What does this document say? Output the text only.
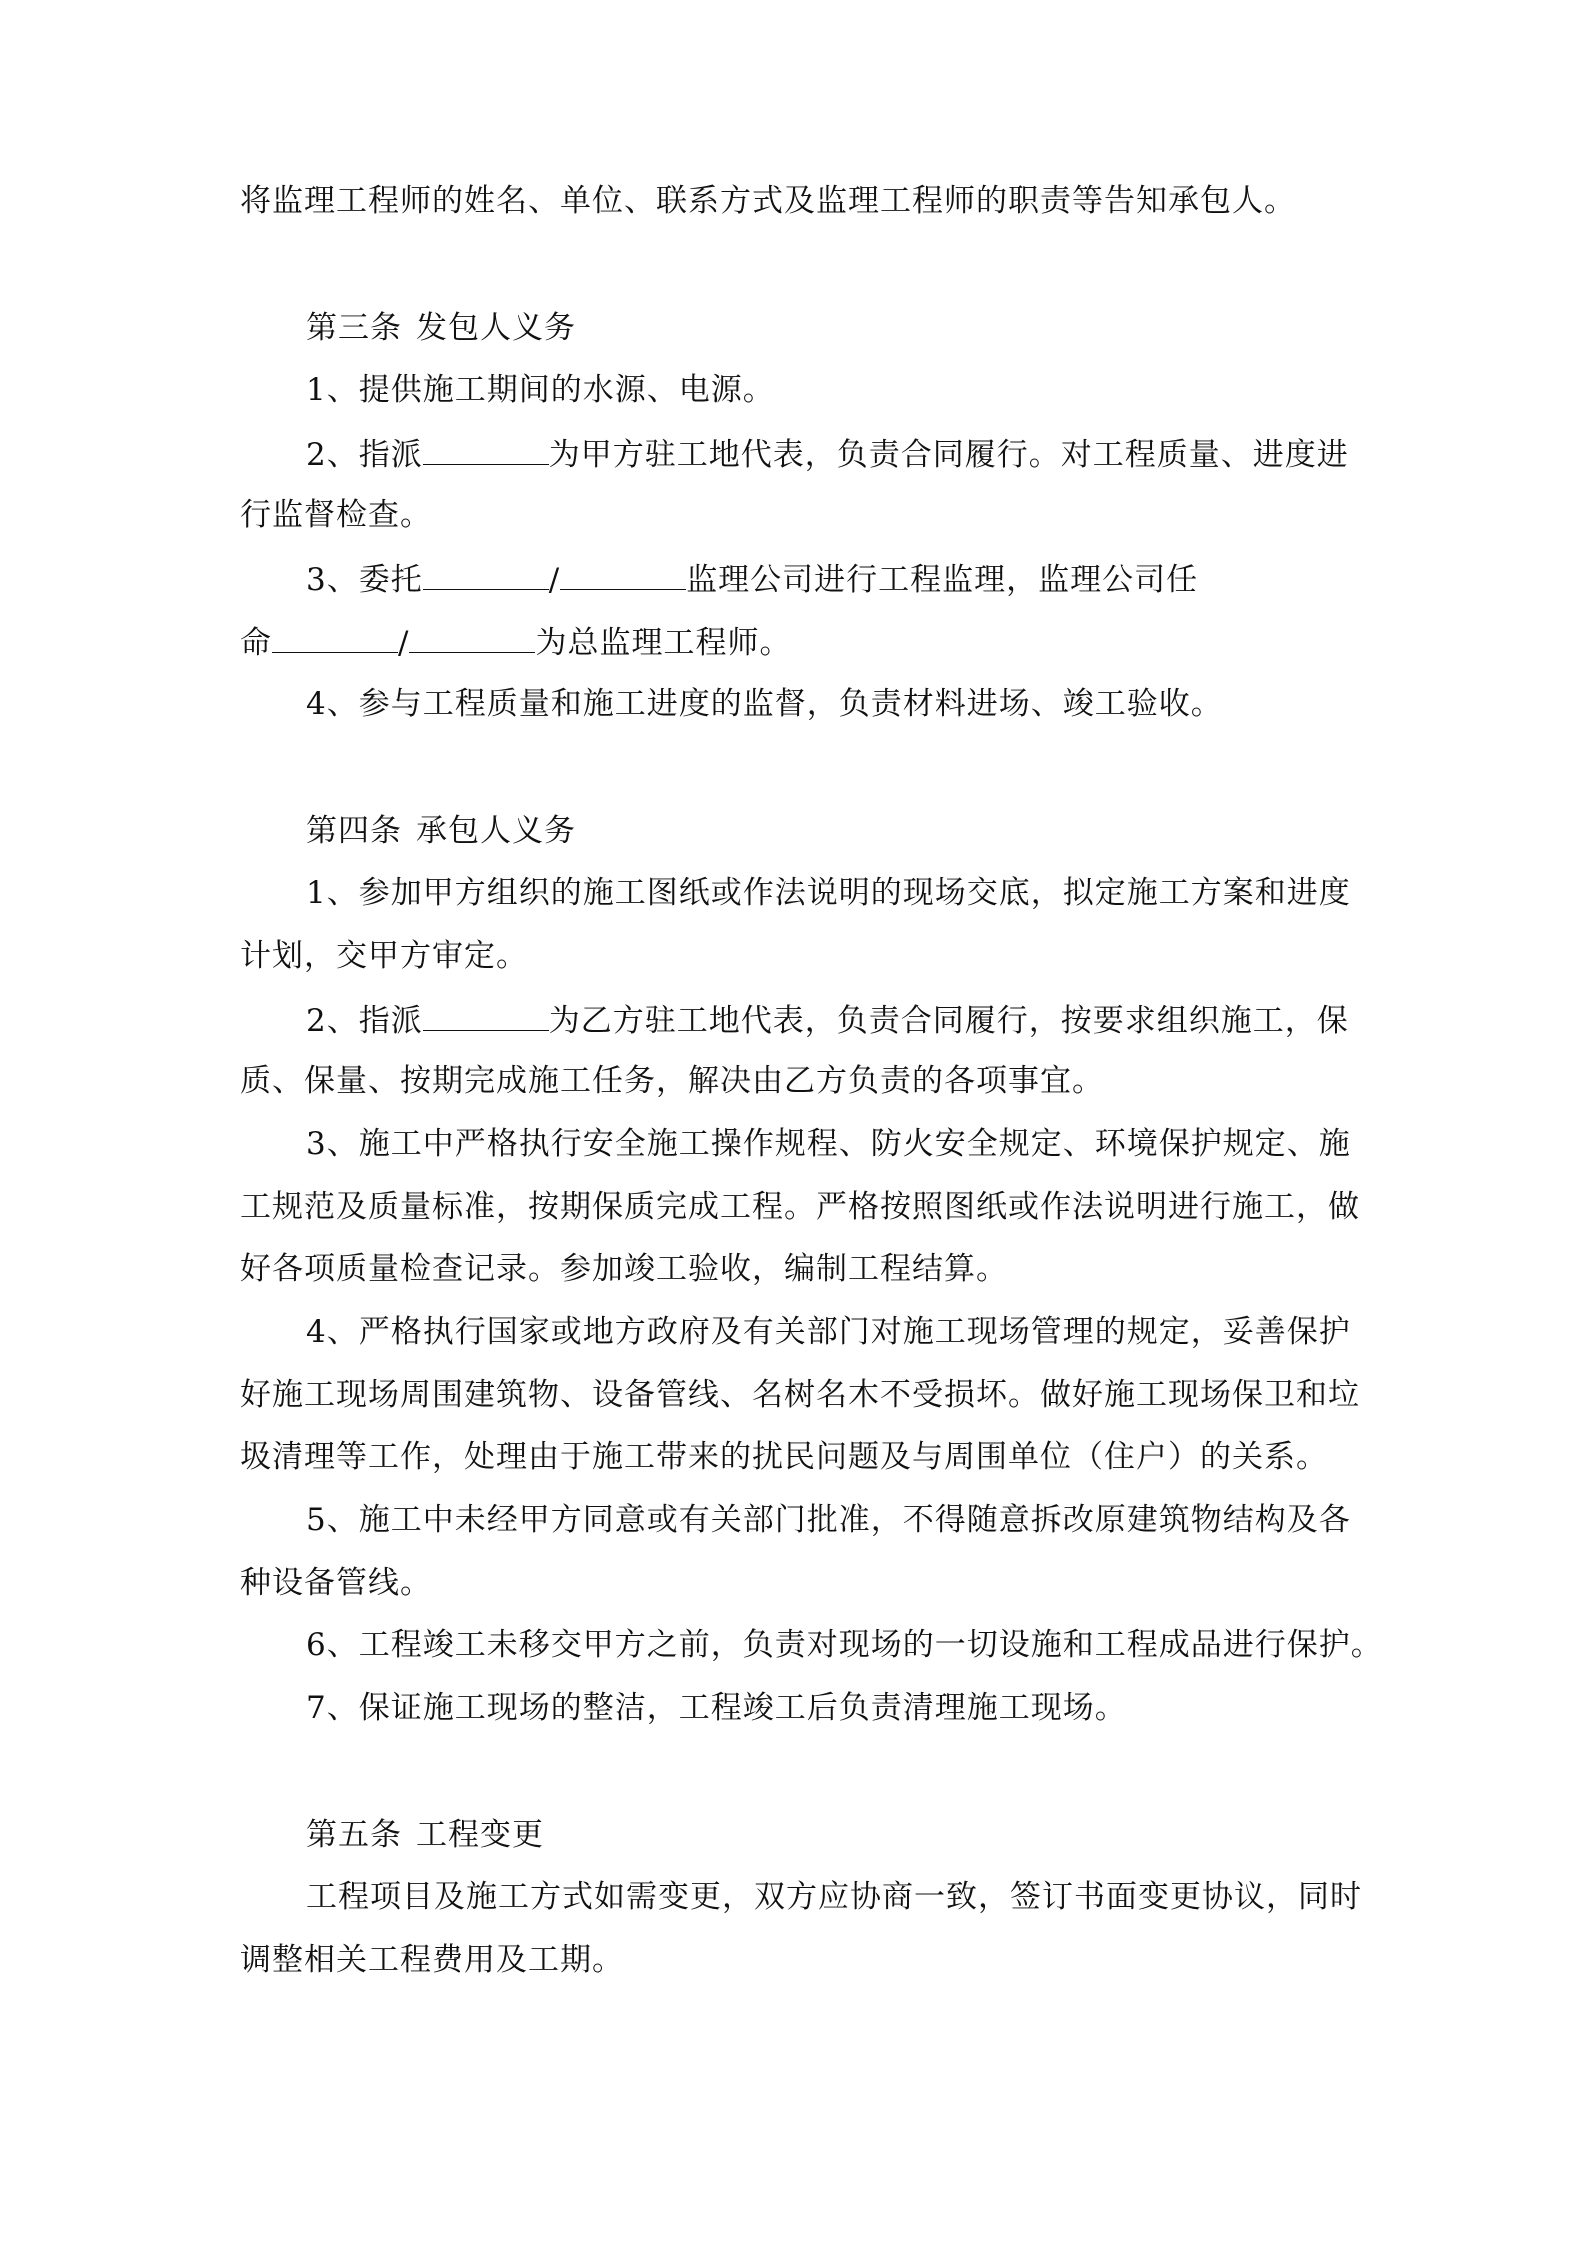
将监理工程师的姓名、单位、联系方式及监理工程师的职责等告知承包人。
第三条 发包人义务
1、提供施工期间的水源、电源。
2、指派	为甲方驻工地代表，负责合同履行。对工程质量、进度进
行监督检查。
3、委托	/	监理公司进行工程监理，监理公司任
命	/	为总监理工程师。
4、参与工程质量和施工进度的监督，负责材料进场、竣工验收。
第四条 承包人义务
1、参加甲方组织的施工图纸或作法说明的现场交底，拟定施工方案和进度
计划，交甲方审定。
2、指派	为乙方驻工地代表，负责合同履行，按要求组织施工，保
质、保量、按期完成施工任务，解决由乙方负责的各项事宜。
3、施工中严格执行安全施工操作规程、防火安全规定、环境保护规定、施
工规范及质量标准，按期保质完成工程。严格按照图纸或作法说明进行施工，做
好各项质量检查记录。参加竣工验收，编制工程结算。
4、严格执行国家或地方政府及有关部门对施工现场管理的规定，妥善保护
好施工现场周围建筑物、设备管线、名树名木不受损坏。做好施工现场保卫和垃
圾清理等工作，处理由于施工带来的扰民问题及与周围单位（住户）的关系。
5、施工中未经甲方同意或有关部门批准，不得随意拆改原建筑物结构及各
种设备管线。
6、工程竣工未移交甲方之前，负责对现场的一切设施和工程成品进行保护。
7、保证施工现场的整洁，工程竣工后负责清理施工现场。
第五条 工程变更
工程项目及施工方式如需变更，双方应协商一致，签订书面变更协议，同时
调整相关工程费用及工期。
